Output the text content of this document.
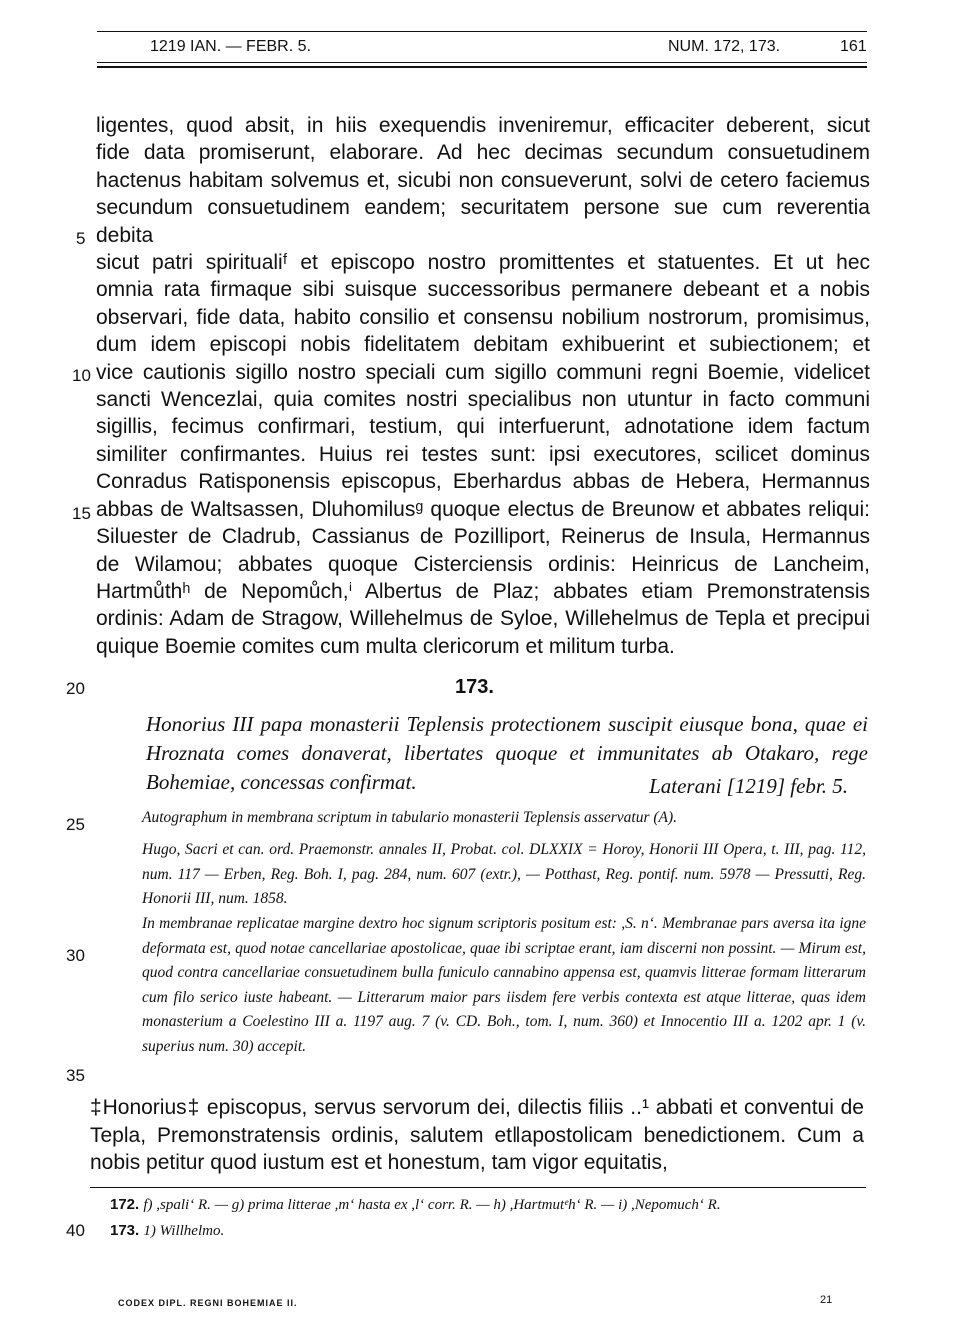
1219 IAN. — FEBR. 5.	NUM. 172, 173.	161

ligentes, quod absit, in hiis exequendis inveniremur, efficaciter deberent, sicut
fide data promiserunt, elaborare. Ad hec decimas secundum consuetudinem
hactenus habitam solvemus et, sicubi non consueverunt, solvi de cetero faciemus
secundum consuetudinem eandem; securitatem persone sue cum reverentia debita
sicut patri spiritualiᶠ et episcopo nostro promittentes et statuentes. Et ut hec
omnia rata firmaque sibi suisque successoribus permanere debeant et a nobis
observari, fide data, habito consilio et consensu nobilium nostrorum, promisimus,
dum idem episcopi nobis fidelitatem debitam exhibuerint et subiectionem; et
vice cautionis sigillo nostro speciali cum sigillo communi regni Boemie, videlicet
sancti Wencezlai, quia comites nostri specialibus non utuntur in facto communi
sigillis, fecimus confirmari, testium, qui interfuerunt, adnotatione idem factum
similiter confirmantes. Huius rei testes sunt: ipsi executores, scilicet dominus
Conradus Ratisponensis episcopus, Eberhardus abbas de Hebera, Hermannus
abbas de Waltsassen, Dluhomilusᵍ quoque electus de Breunow et abbates reliqui:
Siluester de Cladrub, Cassianus de Pozilliport, Reinerus de Insula, Hermannus
de Wilamou; abbates quoque Cisterciensis ordinis: Heinricus de Lancheim,
Hartmůthʰ de Nepomůch,ⁱ Albertus de Plaz; abbates etiam Premonstratensis
ordinis: Adam de Stragow, Willehelmus de Syloe, Willehelmus de Tepla et precipui
quique Boemie comites cum multa clericorum et militum turba.

5
10
15
20
25
30
35
40
173.
Honorius III papa monasterii Teplensis protectionem suscipit eiusque bona, quae ei Hroznata comes donaverat, libertates quoque et immunitates ab Otakaro, rege Bohemiae, concessas confirmat.	Laterani [1219] febr. 5.

Autographum in membrana scriptum in tabulario monasterii Teplensis asservatur (A).

Hugo, Sacri et can. ord. Praemonstr. annales II, Probat. col. DLXXIX = Horoy, Honorii III Opera, t. III, pag. 112, num. 117 — Erben, Reg. Boh. I, pag. 284, num. 607 (extr.), — Potthast, Reg. pontif. num. 5978 — Pressutti, Reg. Honorii III, num. 1858.

In membranae replicatae margine dextro hoc signum scriptoris positum est: ,S. n‘. Membranae pars aversa ita igne deformata est, quod notae cancellariae apostolicae, quae ibi scriptae erant, iam discerni non possint. — Mirum est, quod contra cancellariae consuetudinem bulla funiculo cannabino appensa est, quamvis litterae formam litterarum cum filo serico iuste habeant. — Litterarum maior pars iisdem fere verbis contexta est atque litterae, quas idem monasterium a Coelestino III a. 1197 aug. 7 (v. CD. Boh., tom. I, num. 360) et Innocentio III a. 1202 apr. 1 (v. superius num. 30) accepit.

‡Honorius‡ episcopus, servus servorum dei, dilectis filiis ..¹ abbati et conventui de Tepla, Premonstratensis ordinis, salutem et‖apostolicam benedictionem. Cum a nobis petitur quod iustum est et honestum, tam vigor equitatis,

172. f) ,spali‘ R. — g) prima litterae ,m‘ hasta ex ,l‘ corr. R. — h) ,Hartmutᵉh‘ R. — i) ,Nepomuch‘ R.

173. 1) Willhelmo.

CODEX DIPL. REGNI BOHEMIAE II.	21
